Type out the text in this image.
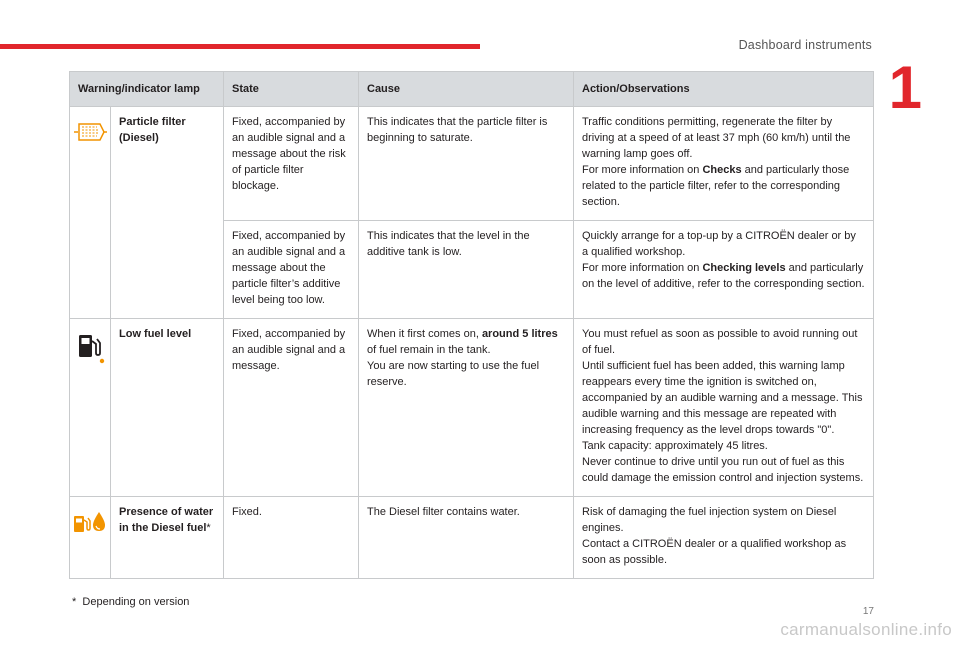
Dashboard instruments
1
Warning/indicator lamp		State	Cause	Action/Observations

	Particle filter (Diesel)	Fixed, accompanied by an audible signal and a message about the risk of particle filter blockage.	This indicates that the particle filter is beginning to saturate.	Traffic conditions permitting, regenerate the filter by driving at a speed of at least 37 mph (60 km/h) until the warning lamp goes off.
For more information on Checks and particularly those related to the particle filter, refer to the corresponding section.
		Fixed, accompanied by an audible signal and a message about the particle filter’s additive level being too low.	This indicates that the level in the additive tank is low.	Quickly arrange for a top-up by a CITROËN dealer or by a qualified workshop.
For more information on Checking levels and particularly on the level of additive, refer to the corresponding section.

	Low fuel level	Fixed, accompanied by an audible signal and a message.	When it first comes on, around 5 litres of fuel remain in the tank.
You are now starting to use the fuel reserve.	You must refuel as soon as possible to avoid running out of fuel.
Until sufficient fuel has been added, this warning lamp reappears every time the ignition is switched on, accompanied by an audible warning and a message. This audible warning and this message are repeated with increasing frequency as the level drops towards "0".
Tank capacity: approximately 45 litres.
Never continue to drive until you run out of fuel as this could damage the emission control and injection systems.

	Presence of water in the Diesel fuel*	Fixed.	The Diesel filter contains water.	Risk of damaging the fuel injection system on Diesel engines.
Contact a CITROËN dealer or a qualified workshop as soon as possible.
* Depending on version
17
carmanualsonline.info
